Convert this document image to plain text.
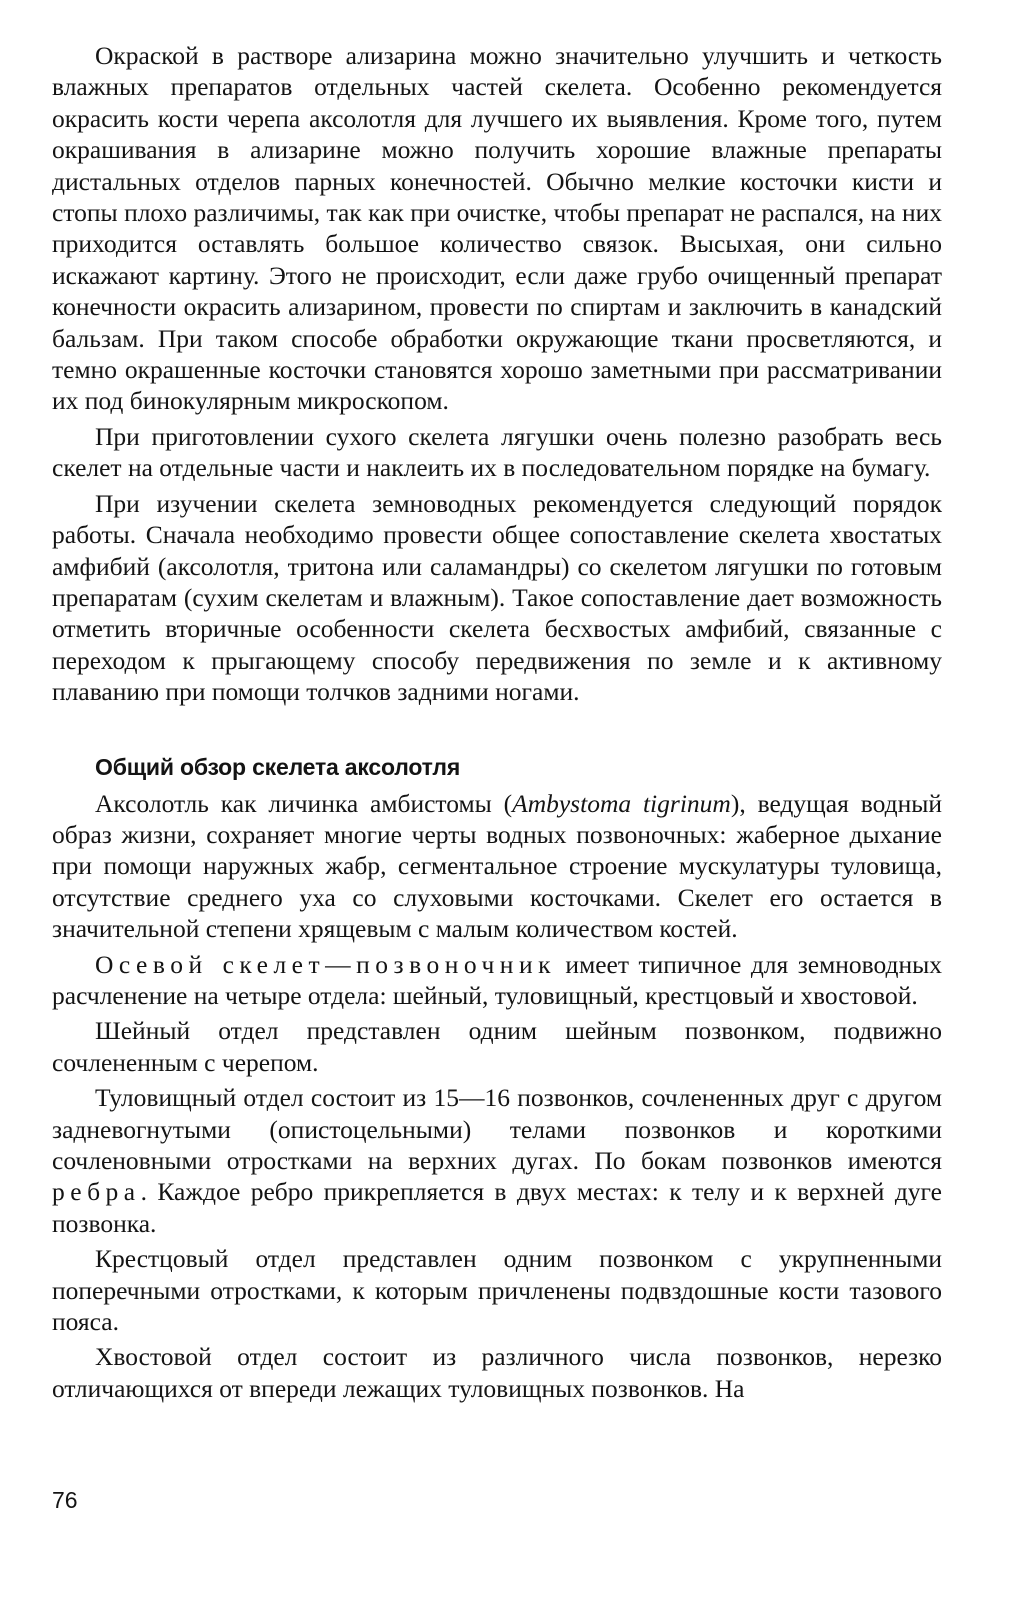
Окраской в растворе ализарина можно значительно улучшить и четкость влажных препаратов отдельных частей скелета. Особенно рекомендуется окрасить кости черепа аксолотля для лучшего их выявления. Кроме того, путем окрашивания в ализарине можно получить хорошие влажные препараты дистальных отделов парных конечностей. Обычно мелкие косточки кисти и стопы плохо различимы, так как при очистке, чтобы препарат не распался, на них приходится оставлять большое количество связок. Высыхая, они сильно искажают картину. Этого не происходит, если даже грубо очищенный препарат конечности окрасить ализарином, провести по спиртам и заключить в канадский бальзам. При таком способе обработки окружающие ткани просветляются, и темно окрашенные косточки становятся хорошо заметными при рассматривании их под бинокулярным микроскопом.

При приготовлении сухого скелета лягушки очень полезно разобрать весь скелет на отдельные части и наклеить их в последовательном порядке на бумагу.

При изучении скелета земноводных рекомендуется следующий порядок работы. Сначала необходимо провести общее сопоставление скелета хвостатых амфибий (аксолотля, тритона или саламандры) со скелетом лягушки по готовым препаратам (сухим скелетам и влажным). Такое сопоставление дает возможность отметить вторичные особенности скелета бесхвостых амфибий, связанные с переходом к прыгающему способу передвижения по земле и к активному плаванию при помощи толчков задними ногами.

Общий обзор скелета аксолотля

Аксолотль как личинка амбистомы (Ambystoma tigrinum), ведущая водный образ жизни, сохраняет многие черты водных позвоночных: жаберное дыхание при помощи наружных жабр, сегментальное строение мускулатуры туловища, отсутствие среднего уха со слуховыми косточками. Скелет его остается в значительной степени хрящевым с малым количеством костей.

Осевой скелет—позвоночник имеет типичное для земноводных расчленение на четыре отдела: шейный, туловищный, крестцовый и хвостовой.

Шейный отдел представлен одним шейным позвонком, подвижно сочлененным с черепом.

Туловищный отдел состоит из 15—16 позвонков, сочлененных друг с другом задневогнутыми (опистоцельными) телами позвонков и короткими сочленовными отростками на верхних дугах. По бокам позвонков имеются ребра. Каждое ребро прикрепляется в двух местах: к телу и к верхней дуге позвонка.

Крестцовый отдел представлен одним позвонком с укрупненными поперечными отростками, к которым причленены подвздошные кости тазового пояса.

Хвостовой отдел состоит из различного числа позвонков, нерезко отличающихся от впереди лежащих туловищных позвонков. На

76
